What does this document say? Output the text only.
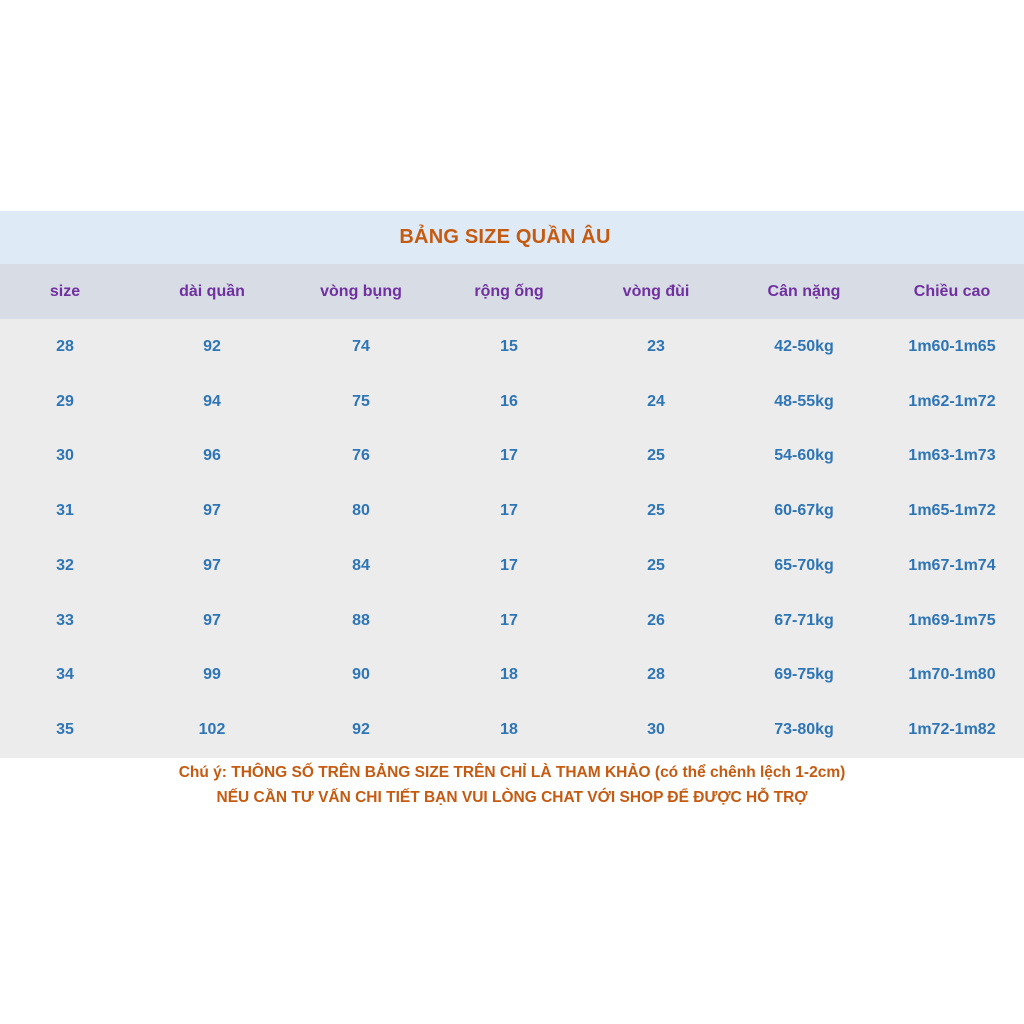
BẢNG SIZE QUẦN ÂU
size	dài quần	vòng bụng	rộng ống	vòng đùi	Cân nặng	Chiều cao
28	92	74	15	23	42-50kg	1m60-1m65
29	94	75	16	24	48-55kg	1m62-1m72
30	96	76	17	25	54-60kg	1m63-1m73
31	97	80	17	25	60-67kg	1m65-1m72
32	97	84	17	25	65-70kg	1m67-1m74
33	97	88	17	26	67-71kg	1m69-1m75
34	99	90	18	28	69-75kg	1m70-1m80
35	102	92	18	30	73-80kg	1m72-1m82
Chú ý: THÔNG SỐ TRÊN BẢNG SIZE TRÊN CHỈ LÀ THAM KHẢO (có thể chênh lệch 1-2cm)
NẾU CẦN TƯ VẤN CHI TIẾT BẠN VUI LÒNG CHAT VỚI SHOP ĐỂ ĐƯỢC HỖ TRỢ
